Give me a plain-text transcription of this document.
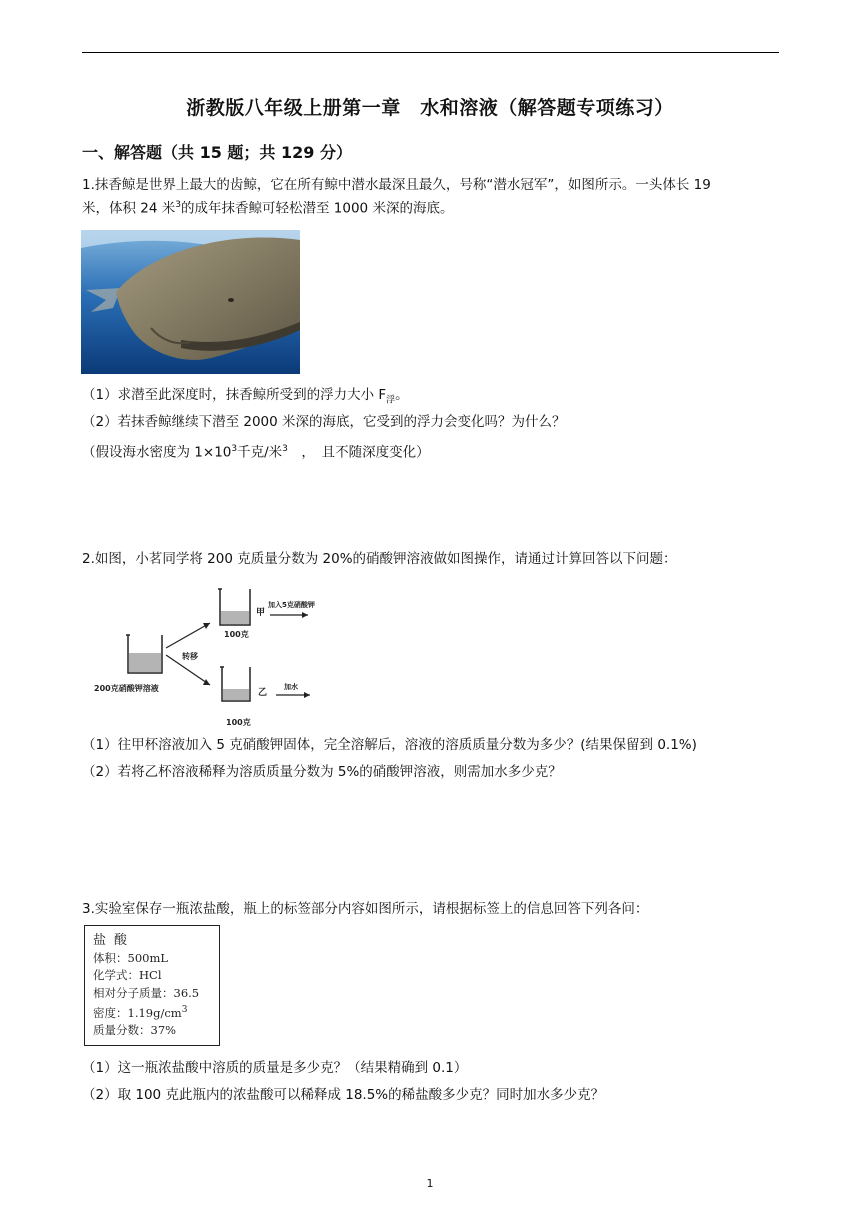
浙教版八年级上册第一章　水和溶液（解答题专项练习）
一、解答题（共 15 题；共 129 分）
1.抹香鲸是世界上最大的齿鲸，它在所有鲸中潜水最深且最久，号称“潜水冠军”，如图所示。一头体长 19
米，体积 24 米$^3$的成年抹香鲸可轻松潜至 1000 米深的海底。
（1）求潜至此深度时，抹香鲸所受到的浮力大小 $F_浮$。
（2）若抹香鲸继续下潜至 2000 米深的海底，它受到的浮力会变化吗？为什么？
（假设海水密度为 $1\times 10^3$千克/米$^3$　，　且不随深度变化）
2.如图，小茗同学将 200 克质量分数为 20%的硝酸钾溶液做如图操作，请通过计算回答以下问题：
200克硝酸钾溶液
转移
甲
100克
加入5克硝酸钾
乙
100克
加水
（1）往甲杯溶液加入 5 克硝酸钾固体，完全溶解后，溶液的溶质质量分数为多少？(结果保留到 0.1%)
（2）若将乙杯溶液稀释为溶质质量分数为 5%的硝酸钾溶液，则需加水多少克？
3.实验室保存一瓶浓盐酸，瓶上的标签部分内容如图所示，请根据标签上的信息回答下列各问：
盐酸
体积：500mL
化学式：HCl
相对分子质量：36.5
密度：$1.19g/cm^3$
质量分数：37%
（1）这一瓶浓盐酸中溶质的质量是多少克？（结果精确到 0.1）
（2）取 100 克此瓶内的浓盐酸可以稀释成 18.5%的稀盐酸多少克？同时加水多少克？
1
